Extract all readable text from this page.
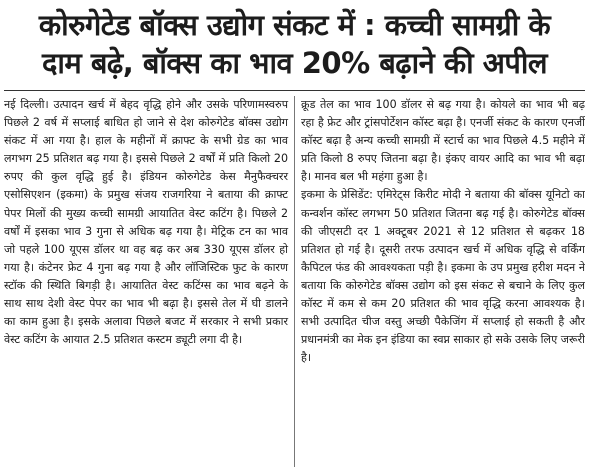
कोरुगेटेड बॉक्स उद्योग संकट में : कच्ची सामग्री के
दाम बढ़े, बॉक्स का भाव 20% बढ़ाने की अपील

नई दिल्ली। उत्पादन खर्च में बेहद वृद्धि होने और उसके परिणामस्वरुप पिछले 2 वर्ष में सप्लाई बाधित हो जाने से देश कोरुगेटेड बॉक्स उद्योग संकट में आ गया है। हाल के महीनों में क्राफ्ट के सभी ग्रेड का भाव लगभग 25 प्रतिशत बढ़ गया है। इससे पिछले 2 वर्षों में प्रति किलो 20 रुपए की कुल वृद्धि हुई है। इंडियन कोरुगेटेड केस मैनुफैक्चरर एसोसिएशन (इकमा) के प्रमुख संजय राजगरिया ने बताया की क्राफ्ट पेपर मिलों की मुख्य कच्ची सामग्री आयातित वेस्ट कटिंग है। पिछले 2 वर्षों में इसका भाव 3 गुना से अधिक बढ़ गया है। मेट्रिक टन का भाव जो पहले 100 यूएस डॉलर था वह बढ़ कर अब 330 यूएस डॉलर हो गया है। कंटेनर फ्रेट 4 गुना बढ़ गया है और लॉजिस्टिक फुट के कारण स्टॉक की स्थिति बिगड़ी है। आयातित वेस्ट कटिंग्स का भाव बढ़ने के साथ साथ देशी वेस्ट पेपर का भाव भी बढ़ा है। इससे तेल में घी डालने का काम हुआ है। इसके अलावा पिछले बजट में सरकार ने सभी प्रकार वेस्ट कटिंग के आयात 2.5 प्रतिशत कस्टम ड्यूटी लगा दी है।

क्रूड तेल का भाव 100 डॉलर से बढ़ गया है। कोयले का भाव भी बढ़ रहा है फ्रेट और ट्रांसपोर्टेशन कॉस्ट बढ़ा है। एनर्जी संकट के कारण एनर्जी कॉस्ट बढ़ा है अन्य कच्ची सामग्री में स्टार्च का भाव पिछले 4.5 महीने में प्रति किलो 8 रुपए जितना बढ़ा है। इंकए वायर आदि का भाव भी बढ़ा है। मानव बल भी महंगा हुआ है।

इकमा के प्रेसिडेंट: एमिरेट्स किरीट मोदी ने बताया की बॉक्स यूनिटो का कन्वर्शन कॉस्ट लगभग 50 प्रतिशत जितना बढ़ गई है। कोरुगेटेड बॉक्स की जीएसटी दर 1 अक्टूबर 2021 से 12 प्रतिशत से बढ़कर 18 प्रतिशत हो गई है। दूसरी तरफ उत्पादन खर्च में अधिक वृद्धि से वर्किंग कैपिटल फंड की आवश्यकता पड़ी है। इकमा के उप प्रमुख हरीश मदन ने बताया कि कोरुगेटेड बॉक्स उद्योग को इस संकट से बचाने के लिए कुल कॉस्ट में कम से कम 20 प्रतिशत की भाव वृद्धि करना आवश्यक है। सभी उत्पादित चीज वस्तु अच्छी पैकेजिंग में सप्लाई हो सकती है और प्रधानमंत्री का मेक इन इंडिया का स्वप्न साकार हो सके उसके लिए जरूरी है।
